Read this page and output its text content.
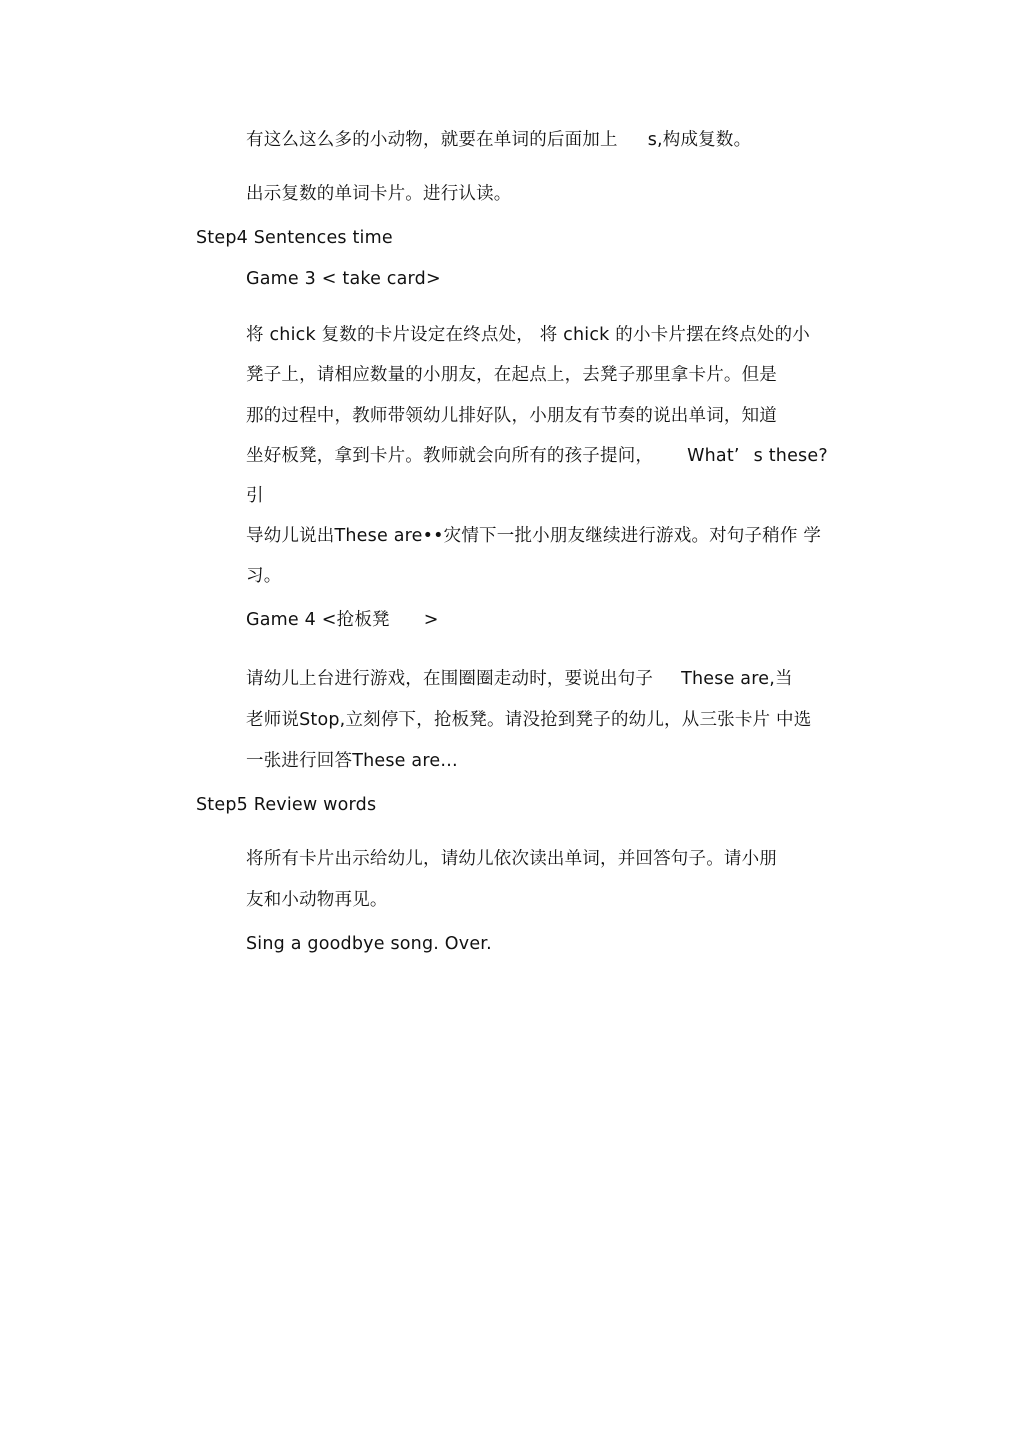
有这么这么多的小动物，就要在单词的后面加上 s,构成复数。
出示复数的单词卡片。进行认读。
Step4 Sentences time
Game 3 < take card>
将 chick 复数的卡片设定在终点处， 将 chick 的小卡片摆在终点处的小
凳子上，请相应数量的小朋友，在起点上，去凳子那里拿卡片。但是
那的过程中，教师带领幼儿排好队，小朋友有节奏的说出单词，知道
坐好板凳，拿到卡片。教师就会向所有的孩子提问， What’ s these?
引
导幼儿说出These are••灾情下一批小朋友继续进行游戏。对句子稍作 学
习。
Game 4 <抢板凳 >
请幼儿上台进行游戏，在围圈圈走动时，要说出句子 These are,当
老师说Stop,立刻停下，抢板凳。请没抢到凳子的幼儿，从三张卡片 中选
一张进行回答These are…
Step5 Review words
将所有卡片出示给幼儿，请幼儿依次读出单词，并回答句子。请小朋
友和小动物再见。
Sing a goodbye song. Over.
